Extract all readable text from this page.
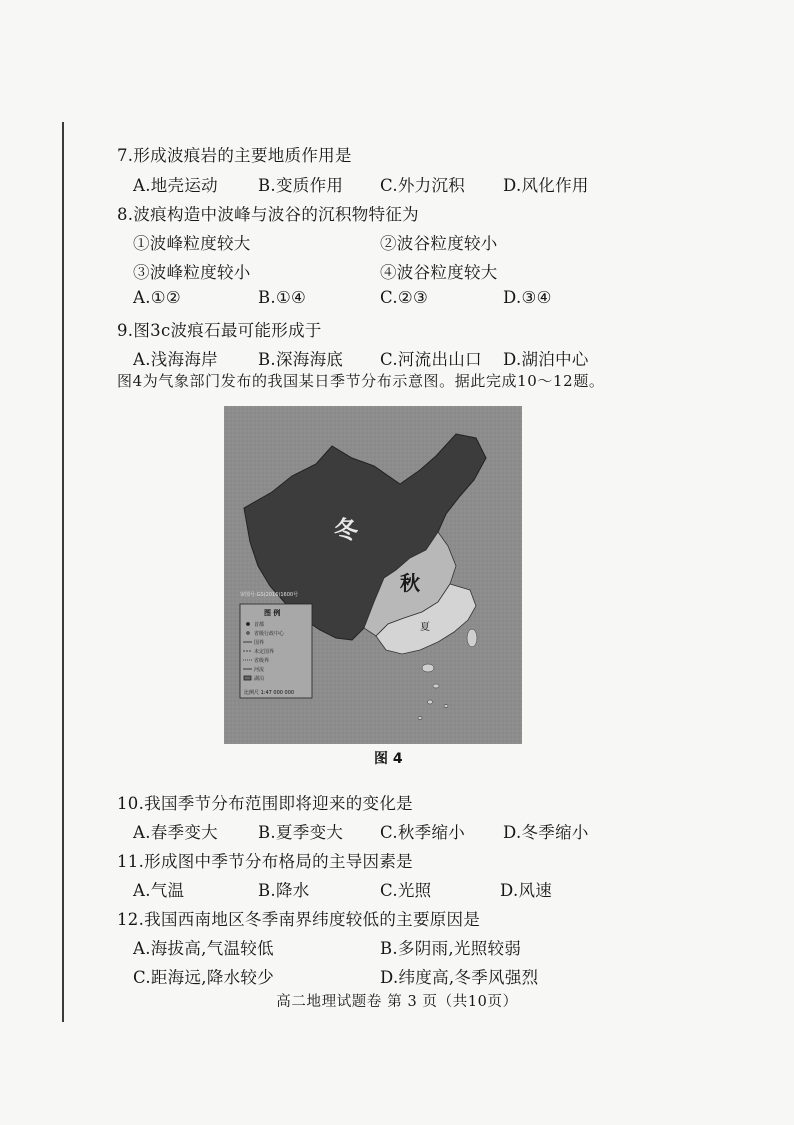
7.形成波痕岩的主要地质作用是
A.地壳运动 B.变质作用 C.外力沉积 D.风化作用
8.波痕构造中波峰与波谷的沉积物特征为
①波峰粒度较大	②波谷粒度较小
③波峰粒度较小	④波谷粒度较大
A.①②	B.①④	C.②③	D.③④
9.图3c波痕石最可能形成于
A.浅海海岸 B.深海海底 C.河流出山口 D.湖泊中心
图4为气象部门发布的我国某日季节分布示意图。据此完成10～12题。
冬
秋
夏
审图号:GS(2016)1600号
图 例
首都
省级行政中心
国界
未定国界
省级界
河流
湖泊
比例尺 1:47 000 000
图 4
10.我国季节分布范围即将迎来的变化是
A.春季变大 B.夏季变大 C.秋季缩小 D.冬季缩小
11.形成图中季节分布格局的主导因素是
A.气温	B.降水	C.光照	D.风速
12.我国西南地区冬季南界纬度较低的主要原因是
A.海拔高,气温较低	B.多阴雨,光照较弱
C.距海远,降水较少	D.纬度高,冬季风强烈
高二地理试题卷 第 3 页（共10页）
